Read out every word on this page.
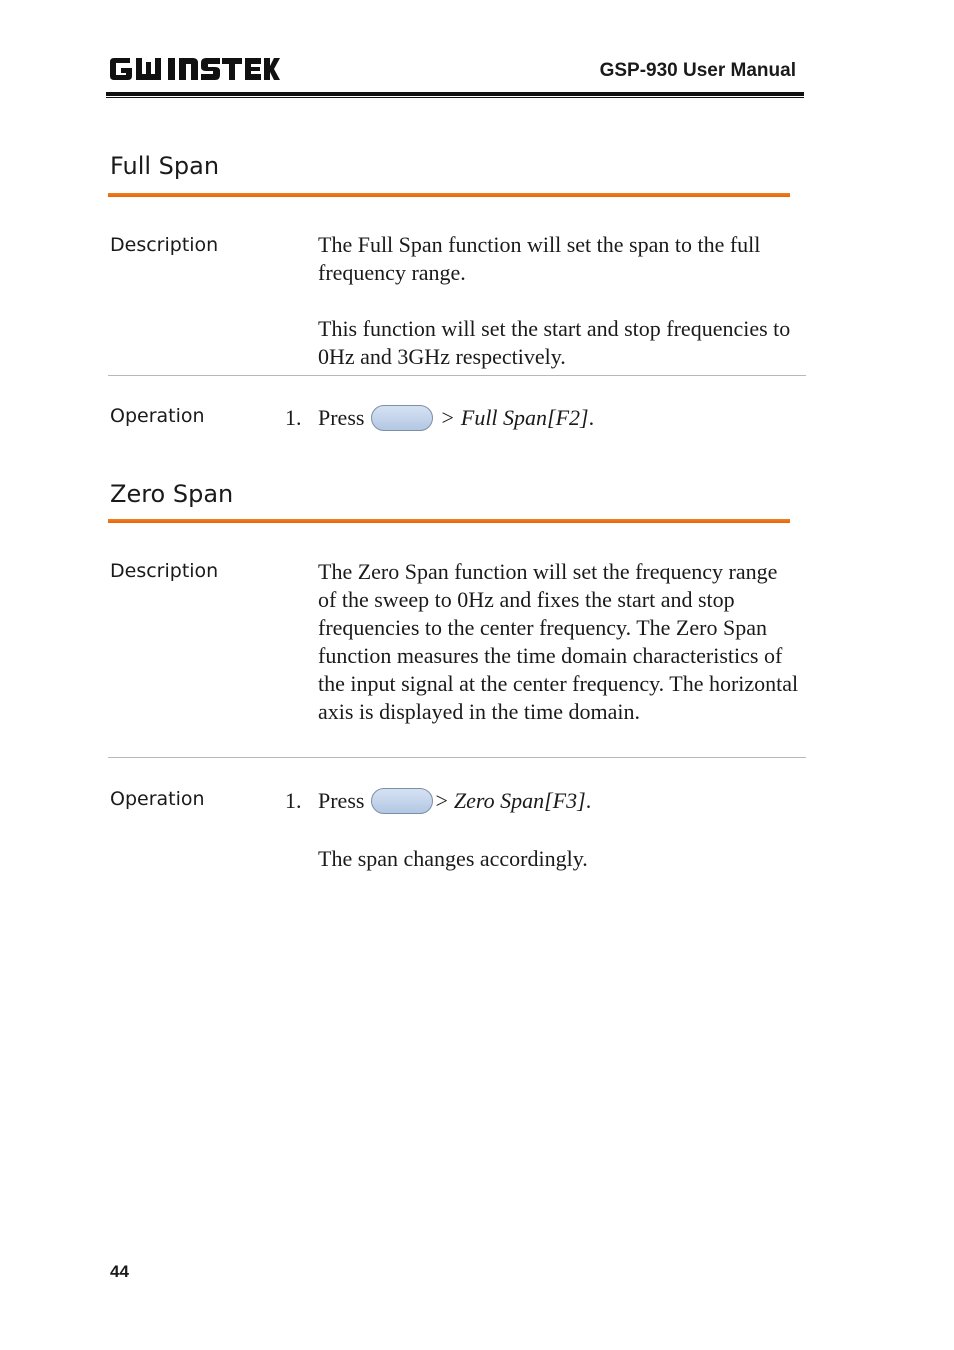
GSP-930 User Manual
Full Span
Description	The Full Span function will set the span to the full frequency range.
This function will set the start and stop frequencies to 0Hz and 3GHz respectively.
Operation	1. Press	> Full Span[F2] .
Zero Span
Description	The Zero Span function will set the frequency range of the sweep to 0Hz and fixes the start and stop frequencies to the center frequency. The Zero Span function measures the time domain characteristics of the input signal at the center frequency. The horizontal axis is displayed in the time domain.
Operation	1. Press	> Zero Span[F3] .
The span changes accordingly.
44
